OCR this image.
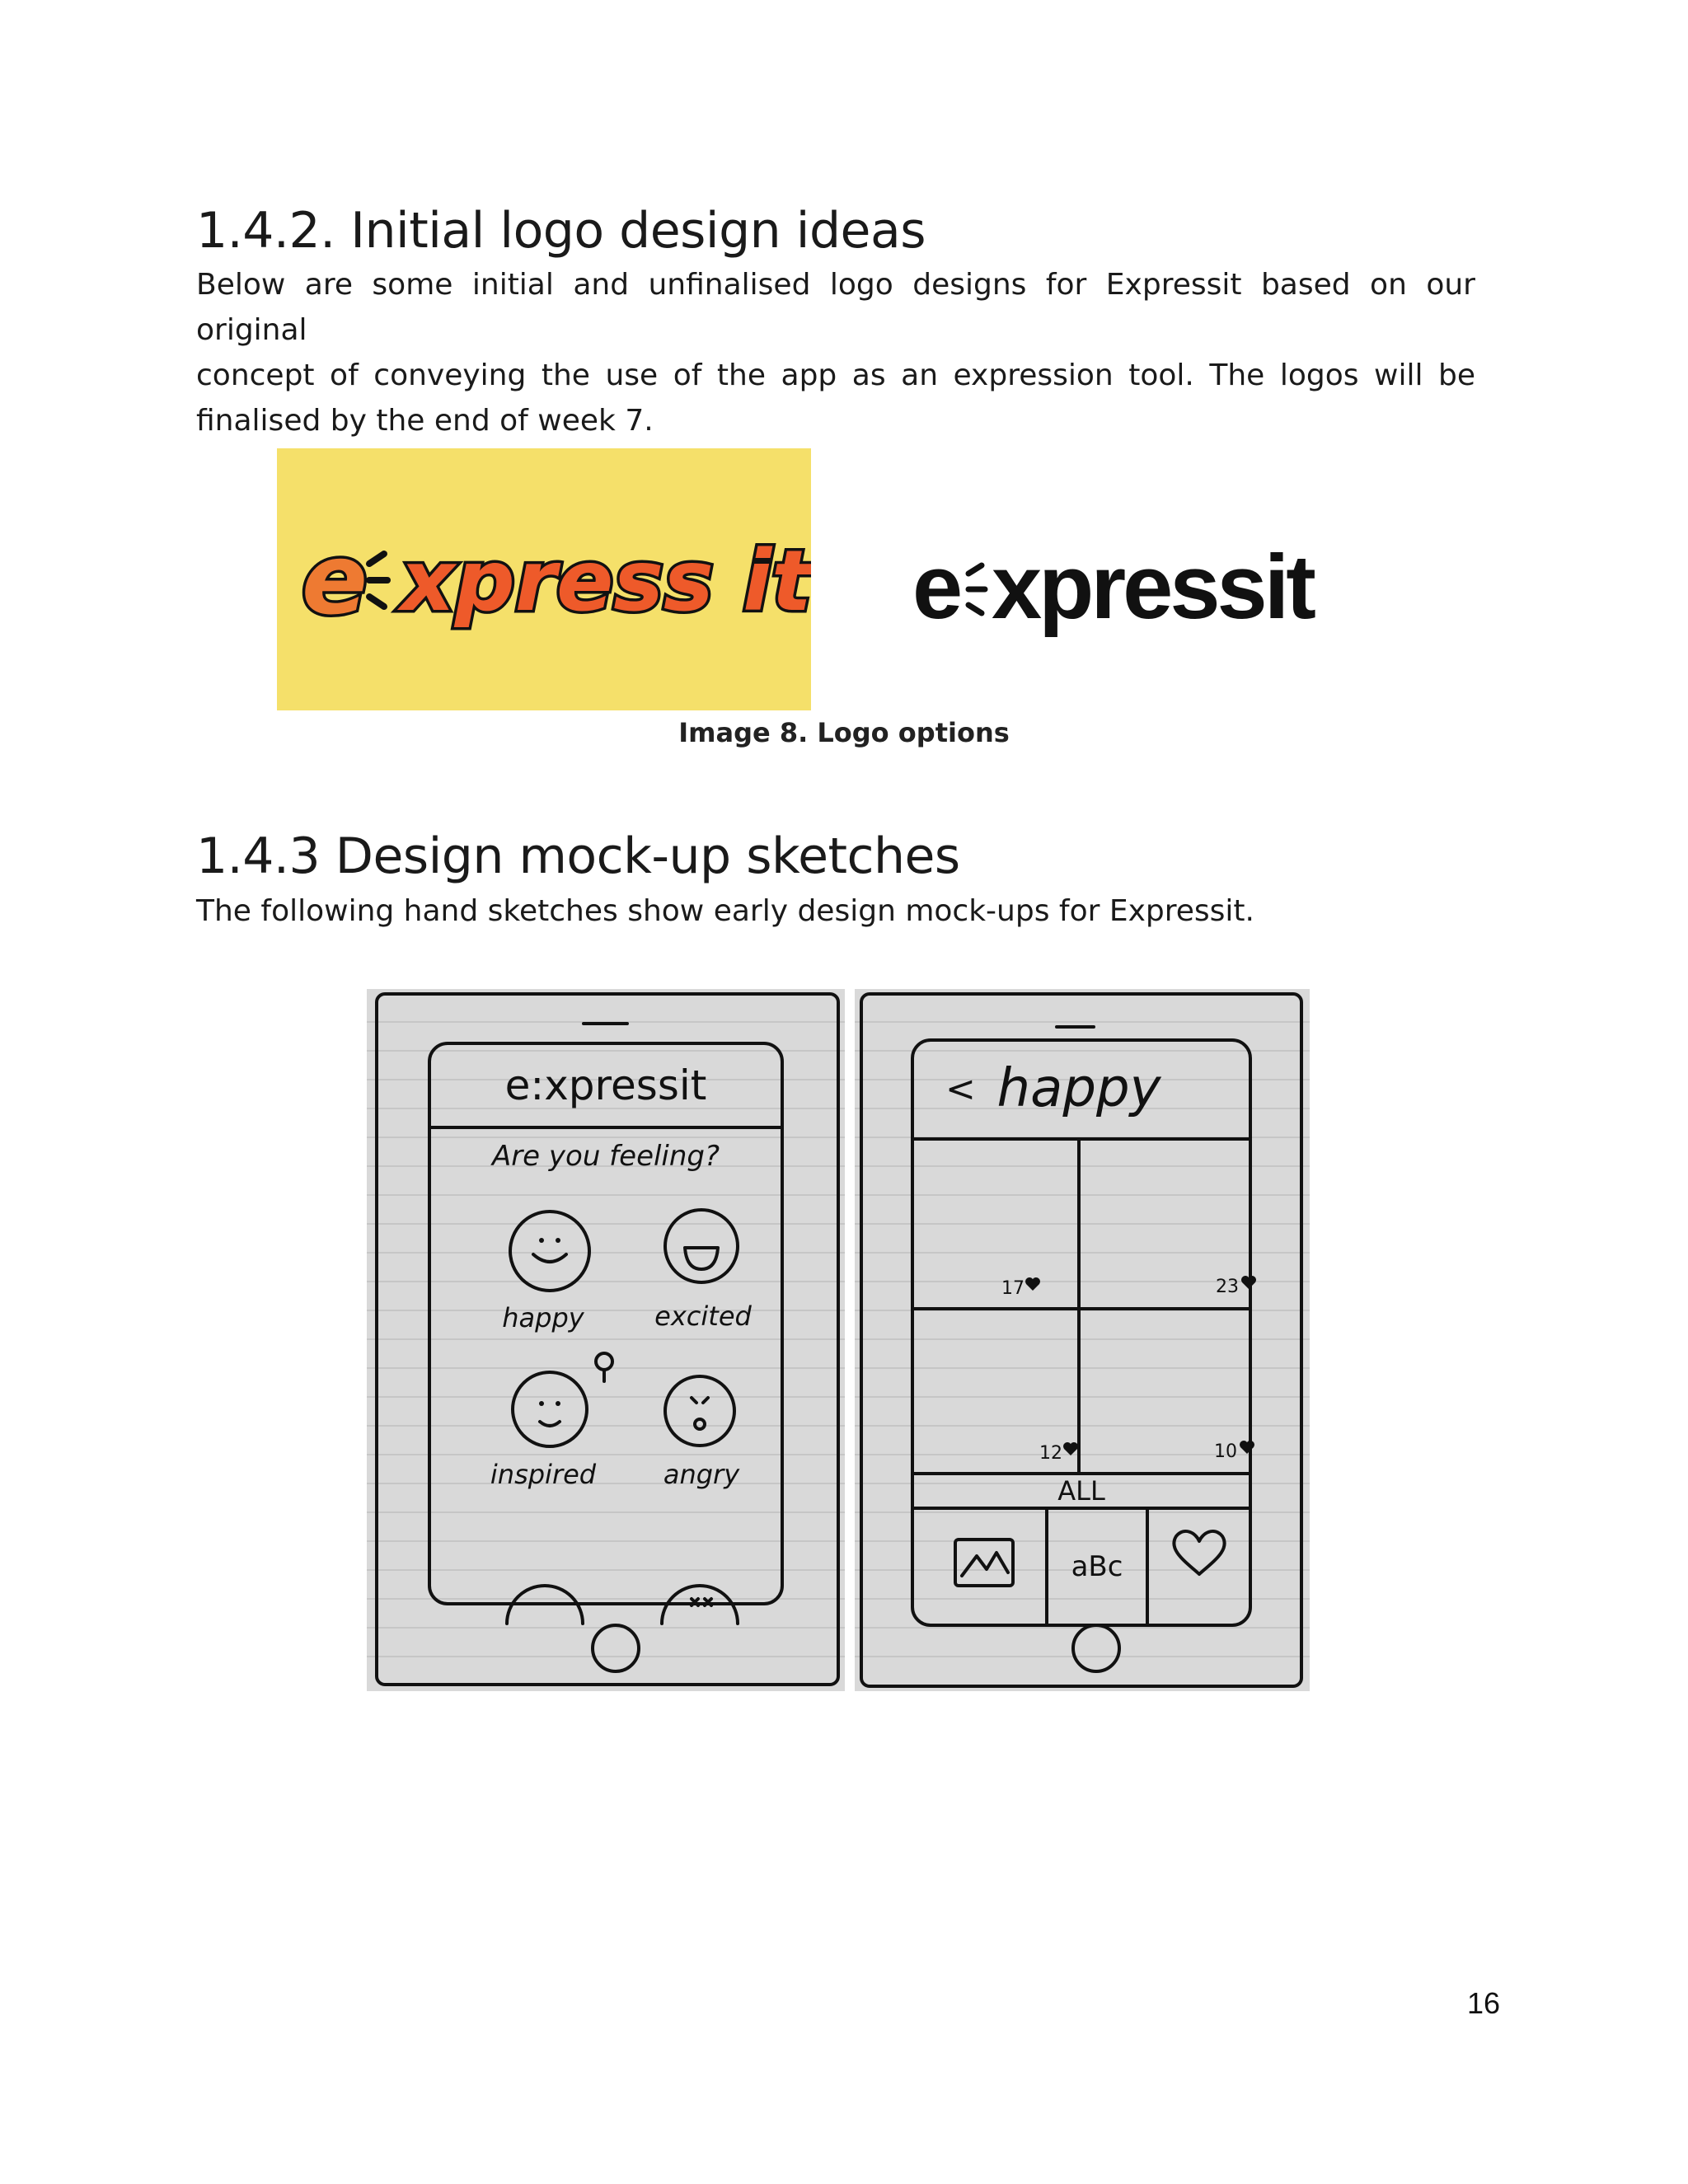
1.4.2. Initial logo design ideas

Below are some initial and unfinalised logo designs for Expressit based on our original
concept of conveying the use of the app as an expression tool. The logos will be
finalised by the end of week 7.

e xpress it e xpressit

Image 8. Logo options

1.4.3 Design mock-up sketches

The following hand sketches show early design mock-ups for Expressit.

e:xpressit
Are you feeling?
happy	excited
inspired	angry
< happy
17	23
12	10
ALL
aBc

16
